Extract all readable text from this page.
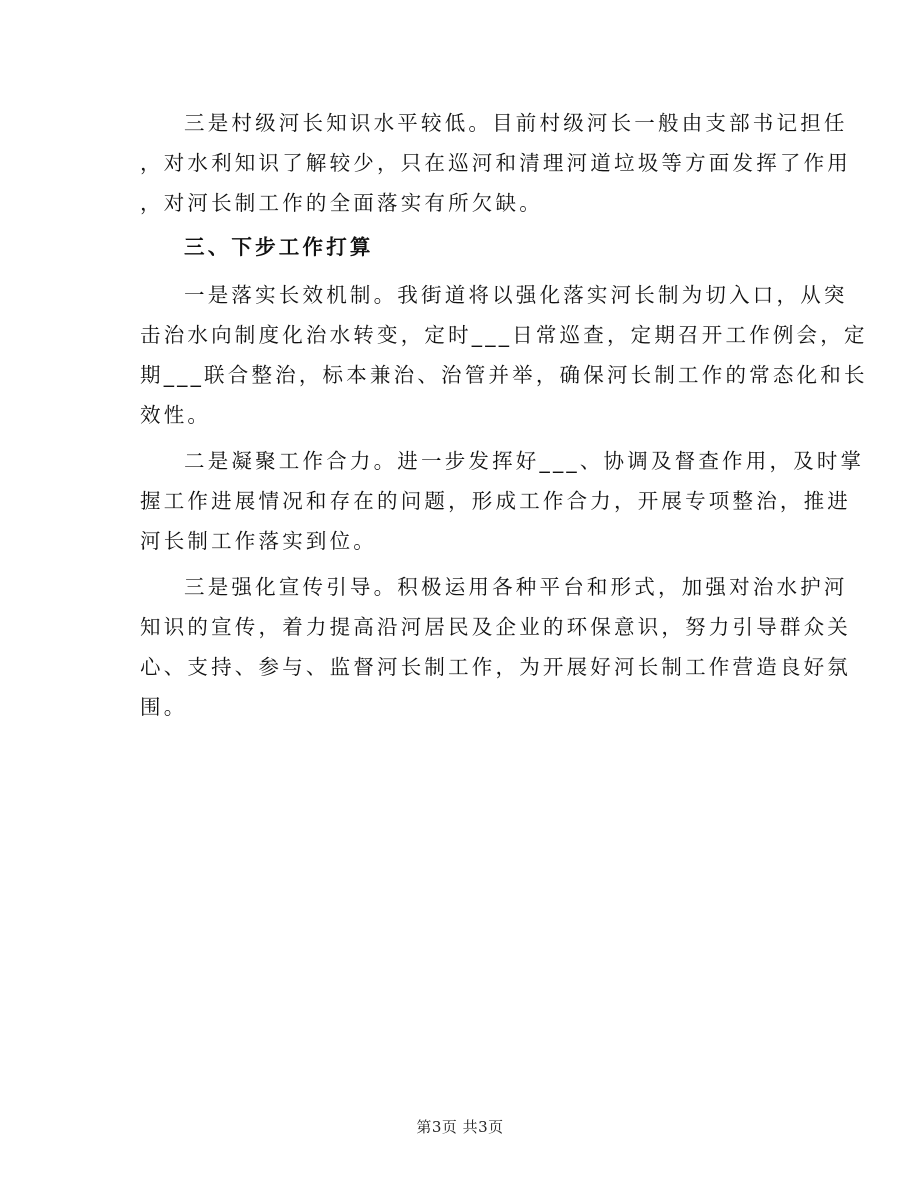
三是村级河长知识水平较低。目前村级河长一般由支部书记担任
，对水利知识了解较少，只在巡河和清理河道垃圾等方面发挥了作用
，对河长制工作的全面落实有所欠缺。
三、下步工作打算
一是落实长效机制。我街道将以强化落实河长制为切入口，从突
击治水向制度化治水转变，定时___日常巡查，定期召开工作例会，定
期___联合整治，标本兼治、治管并举，确保河长制工作的常态化和长
效性。
二是凝聚工作合力。进一步发挥好___、协调及督查作用，及时掌
握工作进展情况和存在的问题，形成工作合力，开展专项整治，推进
河长制工作落实到位。
三是强化宣传引导。积极运用各种平台和形式，加强对治水护河
知识的宣传，着力提高沿河居民及企业的环保意识，努力引导群众关
心、支持、参与、监督河长制工作，为开展好河长制工作营造良好氛
围。
第3页 共3页
